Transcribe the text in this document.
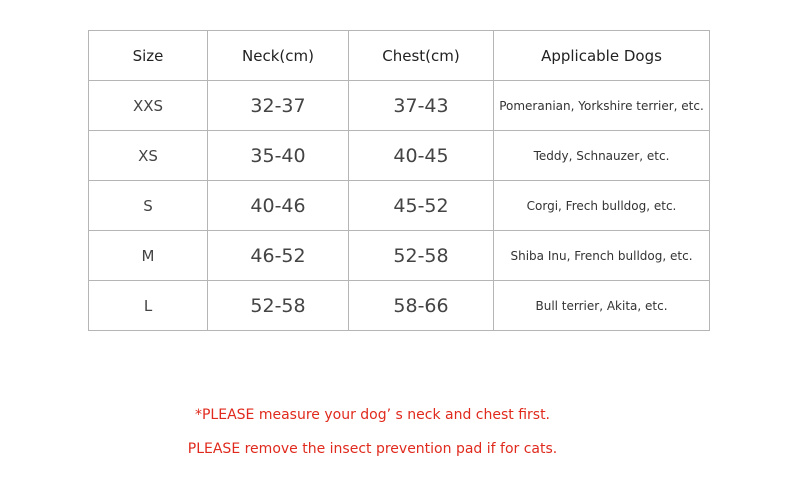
Size	Neck(cm)	Chest(cm)	Applicable Dogs
XXS	32-37	37-43	Pomeranian, Yorkshire terrier, etc.
XS	35-40	40-45	Teddy, Schnauzer, etc.
S	40-46	45-52	Corgi, Frech bulldog, etc.
M	46-52	52-58	Shiba Inu, French bulldog, etc.
L	52-58	58-66	Bull terrier, Akita, etc.
*PLEASE measure your dog’ s neck and chest first.
PLEASE remove the insect prevention pad if for cats.
